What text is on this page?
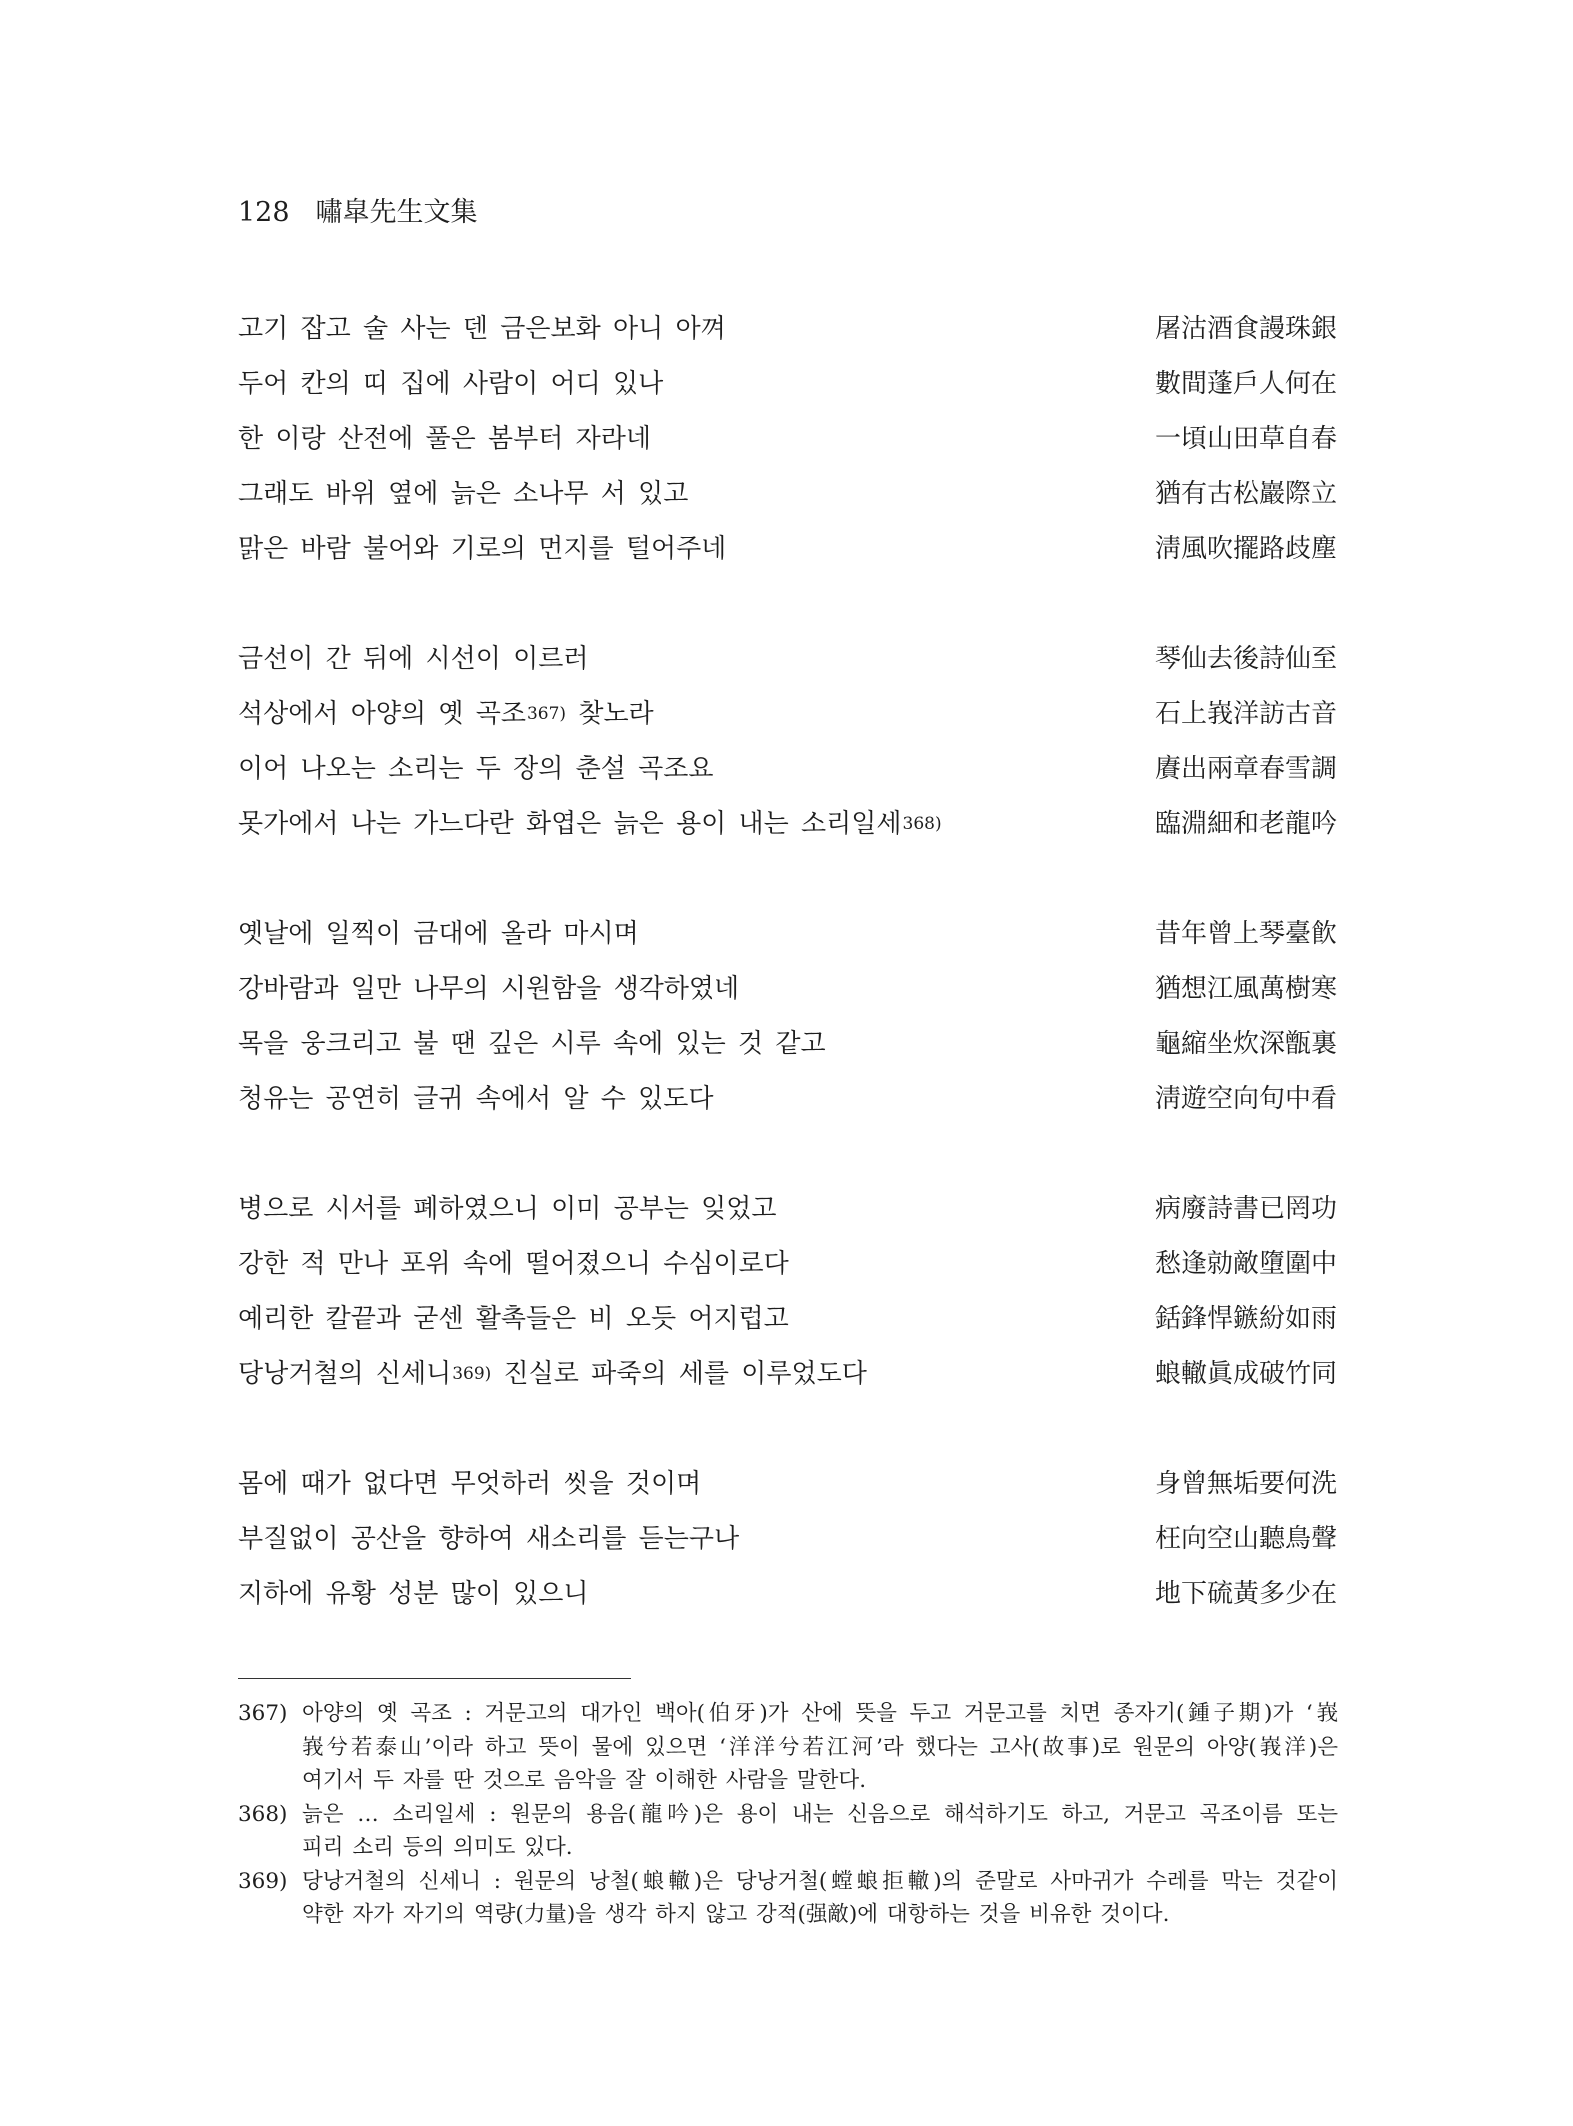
128 嘯皐先生文集
고기 잡고 술 사는 덴 금은보화 아니 아껴	屠沽酒食謾珠銀
두어 칸의 띠 집에 사람이 어디 있나	數間蓬戶人何在
한 이랑 산전에 풀은 봄부터 자라네	一頃山田草自春
그래도 바위 옆에 늙은 소나무 서 있고	猶有古松巖際立
맑은 바람 불어와 기로의 먼지를 털어주네	淸風吹擺路歧塵
금선이 간 뒤에 시선이 이르러	琴仙去後詩仙至
석상에서 아양의 옛 곡조367) 찾노라	石上峩洋訪古音
이어 나오는 소리는 두 장의 춘설 곡조요	賡出兩章春雪調
못가에서 나는 가느다란 화엽은 늙은 용이 내는 소리일세368)	臨淵細和老龍吟
옛날에 일찍이 금대에 올라 마시며	昔年曾上琴臺飮
강바람과 일만 나무의 시원함을 생각하였네	猶想江風萬樹寒
목을 웅크리고 불 땐 깊은 시루 속에 있는 것 같고	龜縮坐炊深甑裏
청유는 공연히 글귀 속에서 알 수 있도다	淸遊空向句中看
병으로 시서를 폐하였으니 이미 공부는 잊었고	病廢詩書已罔功
강한 적 만나 포위 속에 떨어졌으니 수심이로다	愁逢勍敵墮圍中
예리한 칼끝과 굳센 활촉들은 비 오듯 어지럽고	銛鋒悍鏃紛如雨
당낭거철의 신세니369) 진실로 파죽의 세를 이루었도다	蜋轍眞成破竹同
몸에 때가 없다면 무엇하러 씻을 것이며	身曾無垢要何洗
부질없이 공산을 향하여 새소리를 듣는구나	枉向空山聽鳥聲
지하에 유황 성분 많이 있으니	地下硫黃多少在
367) 아양의 옛 곡조 : 거문고의 대가인 백아(伯牙)가 산에 뜻을 두고 거문고를 치면 종자기(鍾子期)가 ‘峩
峩兮若泰山’이라 하고 뜻이 물에 있으면 ‘洋洋兮若江河’라 했다는 고사(故事)로 원문의 아양(峩洋)은
여기서 두 자를 딴 것으로 음악을 잘 이해한 사람을 말한다.
368) 늙은 … 소리일세 : 원문의 용음(龍吟)은 용이 내는 신음으로 해석하기도 하고, 거문고 곡조이름 또는
피리 소리 등의 의미도 있다.
369) 당낭거철의 신세니 : 원문의 낭철(蜋轍)은 당낭거철(螳蜋拒轍)의 준말로 사마귀가 수레를 막는 것같이
약한 자가 자기의 역량(力量)을 생각 하지 않고 강적(强敵)에 대항하는 것을 비유한 것이다.
